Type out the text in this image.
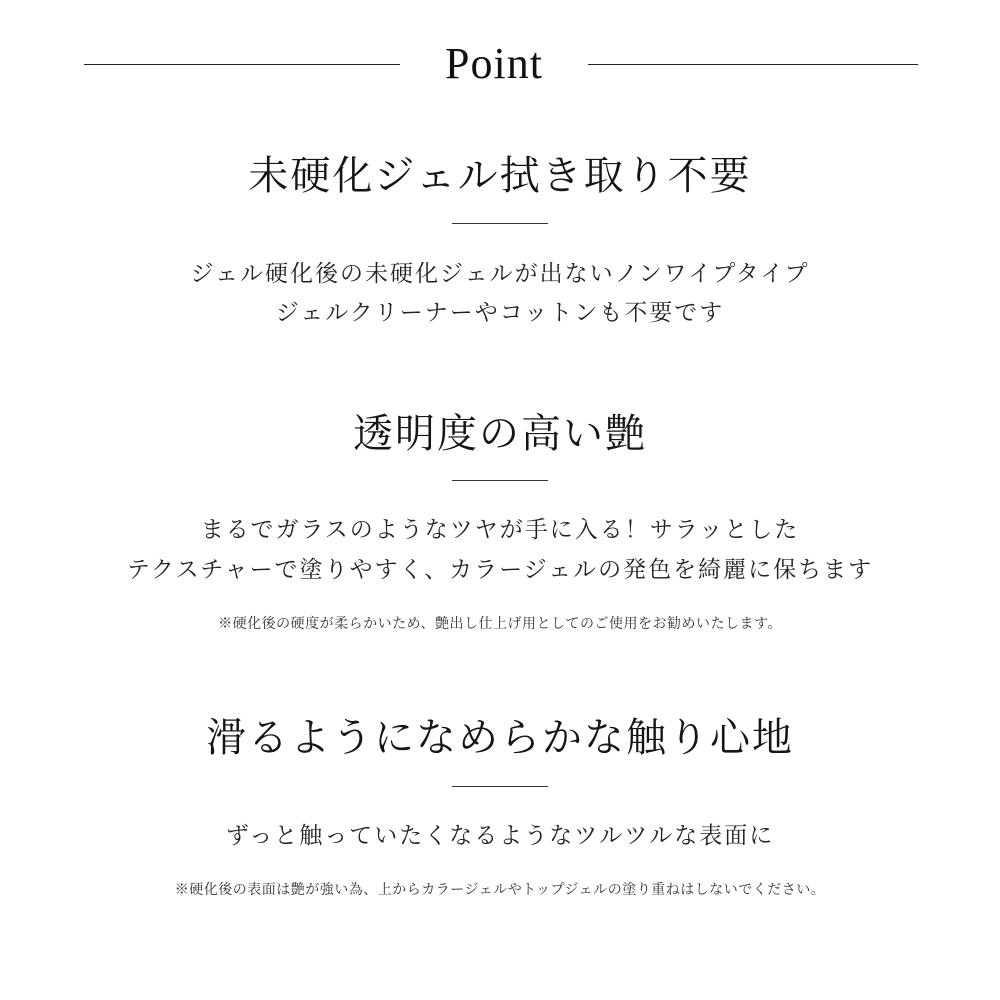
Point
未硬化ジェル拭き取り不要
ジェル硬化後の未硬化ジェルが出ないノンワイプタイプ
ジェルクリーナーやコットンも不要です
透明度の高い艶
まるでガラスのようなツヤが手に入る！サラッとした
テクスチャーで塗りやすく、カラージェルの発色を綺麗に保ちます
※硬化後の硬度が柔らかいため、艶出し仕上げ用としてのご使用をお勧めいたします。
滑るようになめらかな触り心地
ずっと触っていたくなるようなツルツルな表面に
※硬化後の表面は艶が強い為、上からカラージェルやトップジェルの塗り重ねはしないでください。
